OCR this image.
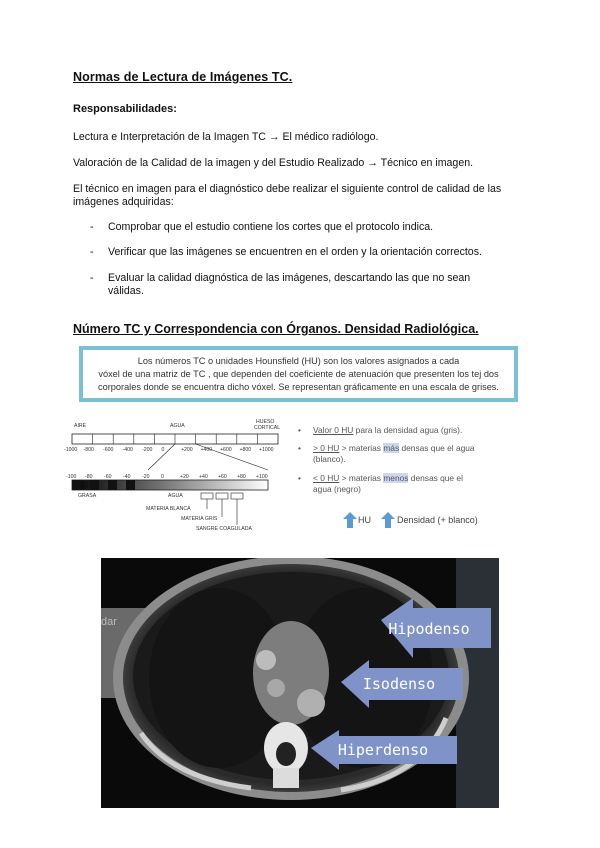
Normas de Lectura de Imágenes TC.
Responsabilidades:
Lectura e Interpretación de la Imagen TC → El médico radiólogo.
Valoración de la Calidad de la imagen y del Estudio Realizado → Técnico en imagen.
El técnico en imagen para el diagnóstico debe realizar el siguiente control de calidad de las
imágenes adquiridas:
- Comprobar que el estudio contiene los cortes que el protocolo indica.
- Verificar que las imágenes se encuentren en el orden y la orientación correctos.
- Evaluar la calidad diagnóstica de las imágenes, descartando las que no sean
válidas.
Número TC y Correspondencia con Órganos. Densidad Radiológica.
Los números TC o unidades Hounsfield (HU) son los valores asignados a cada
vóxel de una matriz de TC , que dependen del coeficiente de atenuación que presenten los tej dos
corporales donde se encuentra dicho vóxel. Se representan gráficamente en una escala de grises.
AIRE	AGUA
HUESO
CORTICAL
-1000 -800 -600 -400 -200 0	+200 +400 +600 +800 +1000
-100 -80 -60 -40 -20 0	+20 +40 +60 +80 +100
GRASA	AGUA
MATERIA BLANCA
MATERIA GRIS
SANGRE COAGULADA
• Valor 0 HU para la densidad agua (gris).
• > 0 HU > materias más densas que el agua
(blanco).
• < 0 HU > materias menos densas que el
agua (negro)
HU	Densidad (+ blanco)
Hipodenso
Isodenso
Hiperdenso
dar
